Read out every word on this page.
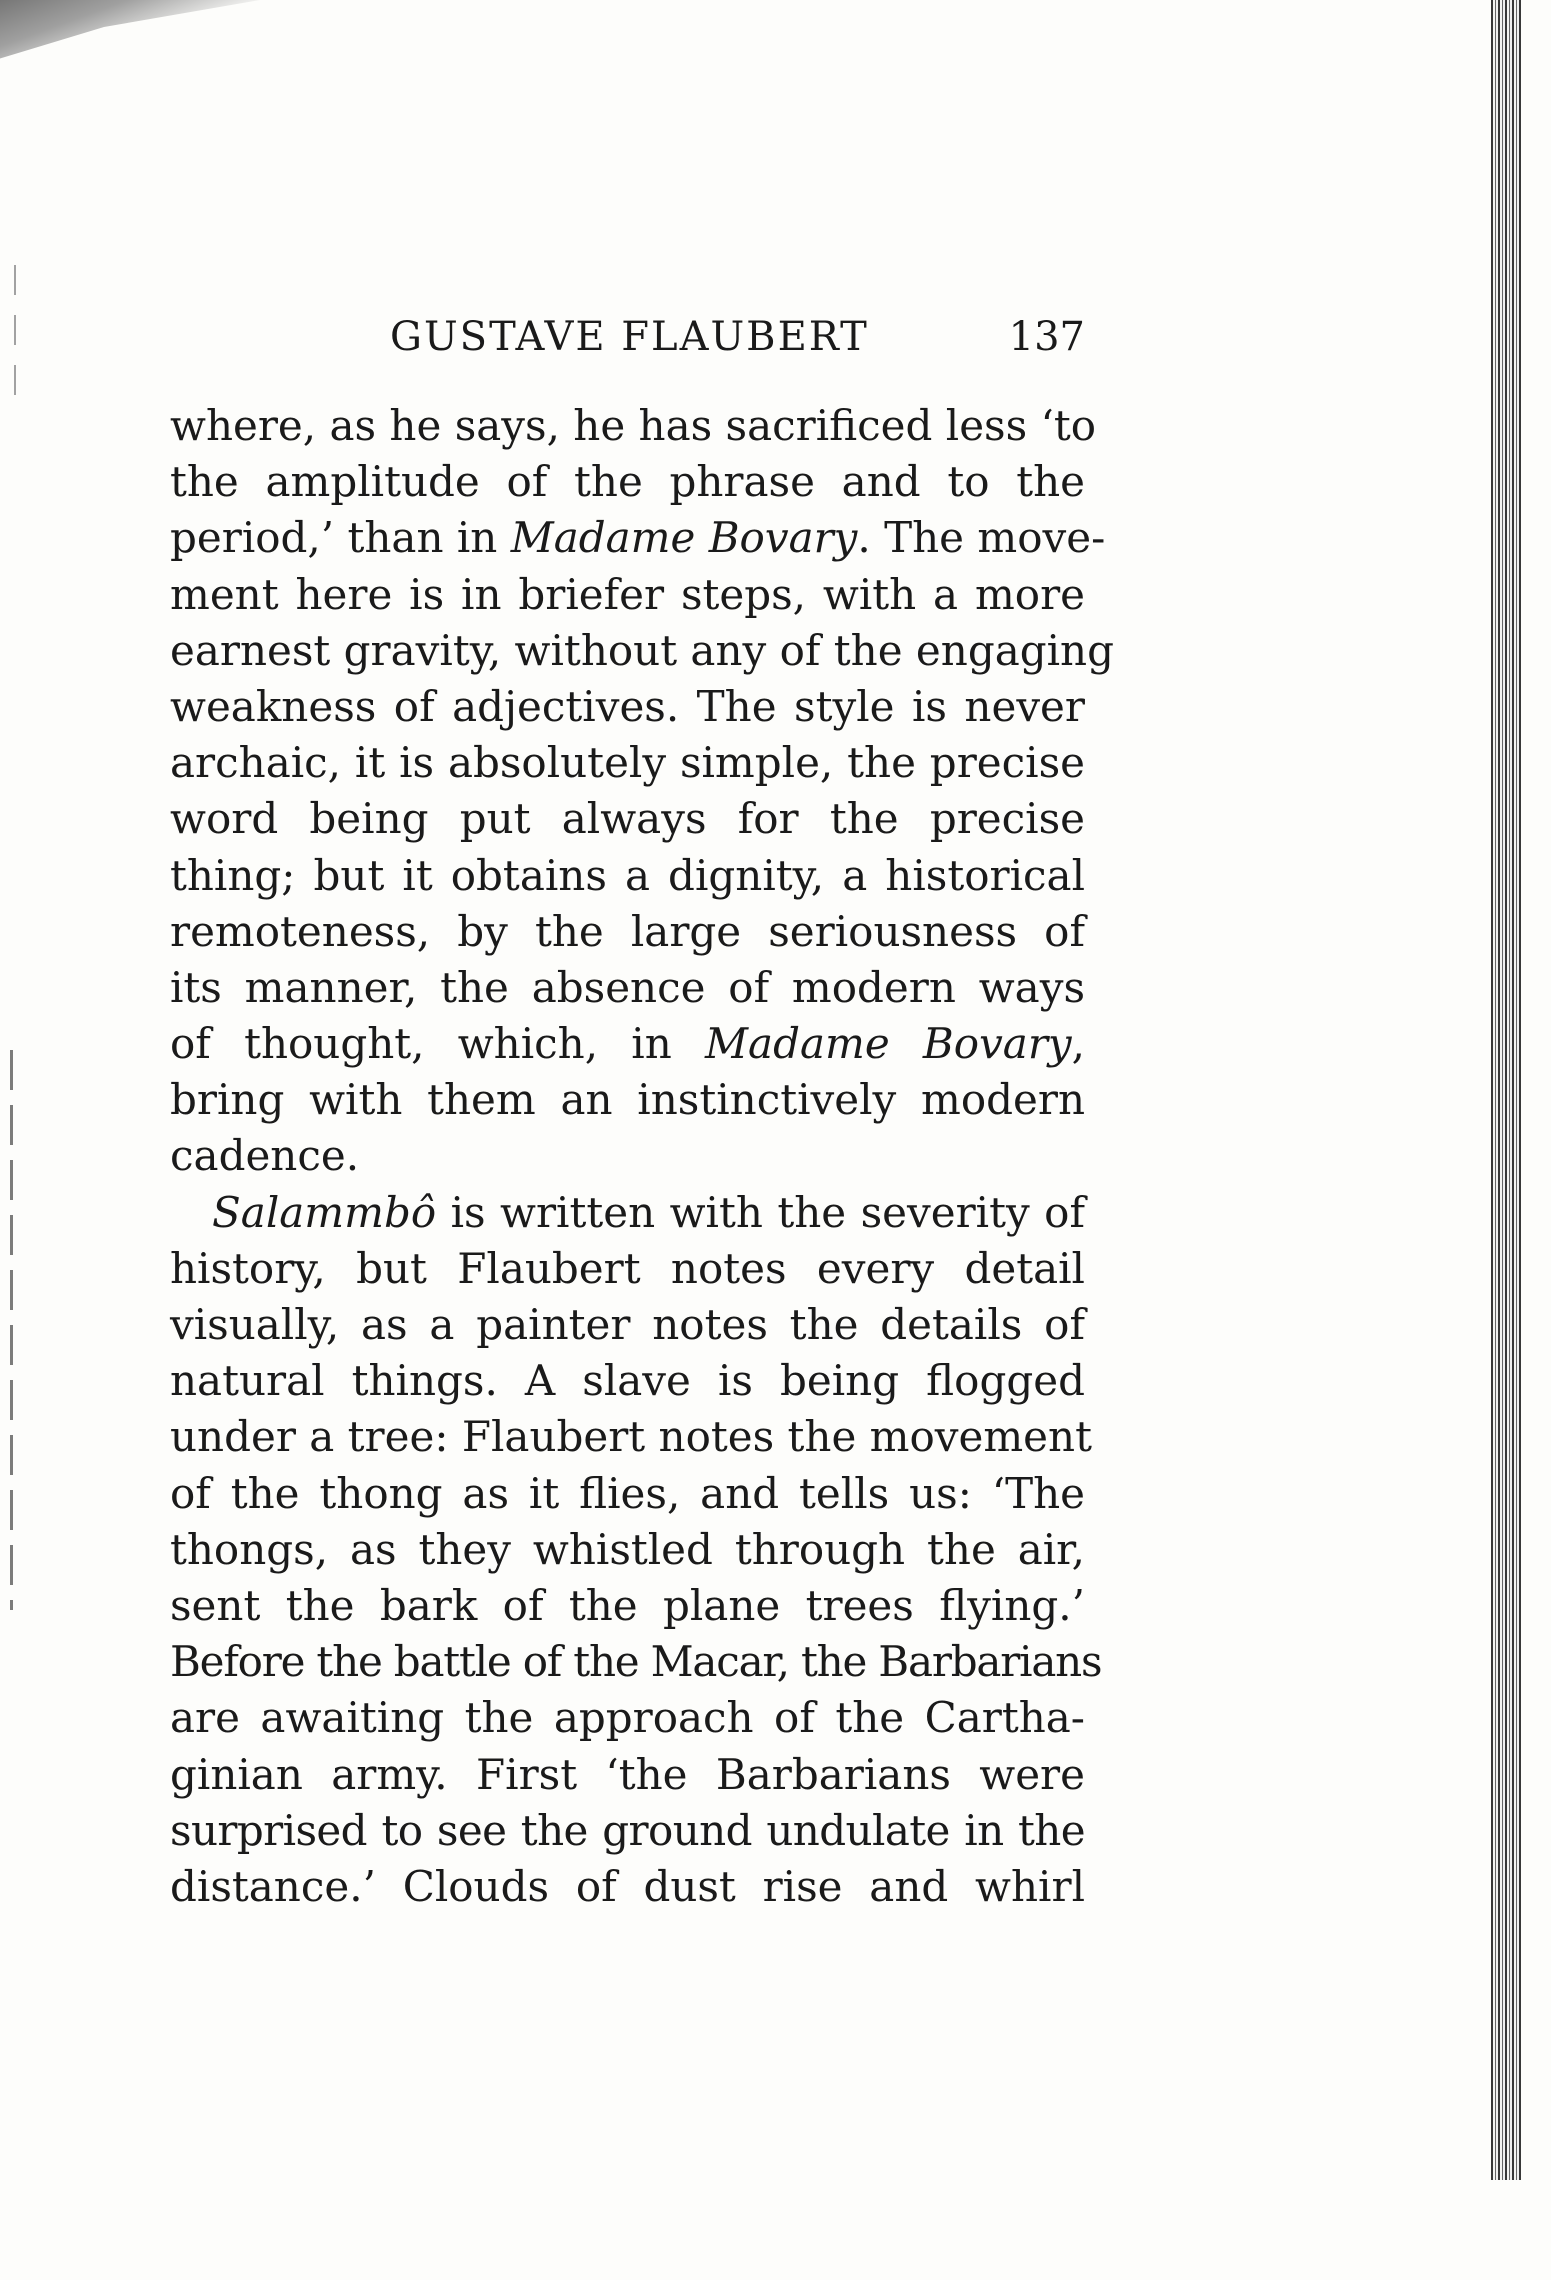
GUSTAVE FLAUBERT	137
where, as he says, he has sacrificed less ‘to
the amplitude of the phrase and to the
period,’ than in Madame Bovary. The move-
ment here is in briefer steps, with a more
earnest gravity, without any of the engaging
weakness of adjectives. The style is never
archaic, it is absolutely simple, the precise
word being put always for the precise
thing; but it obtains a dignity, a historical
remoteness, by the large seriousness of
its manner, the absence of modern ways
of thought, which, in Madame Bovary,
bring with them an instinctively modern
cadence.
Salammbô is written with the severity of
history, but Flaubert notes every detail
visually, as a painter notes the details of
natural things. A slave is being flogged
under a tree: Flaubert notes the movement
of the thong as it flies, and tells us: ‘The
thongs, as they whistled through the air,
sent the bark of the plane trees flying.’
Before the battle of the Macar, the Barbarians
are awaiting the approach of the Cartha-
ginian army. First ‘the Barbarians were
surprised to see the ground undulate in the
distance.’ Clouds of dust rise and whirl
